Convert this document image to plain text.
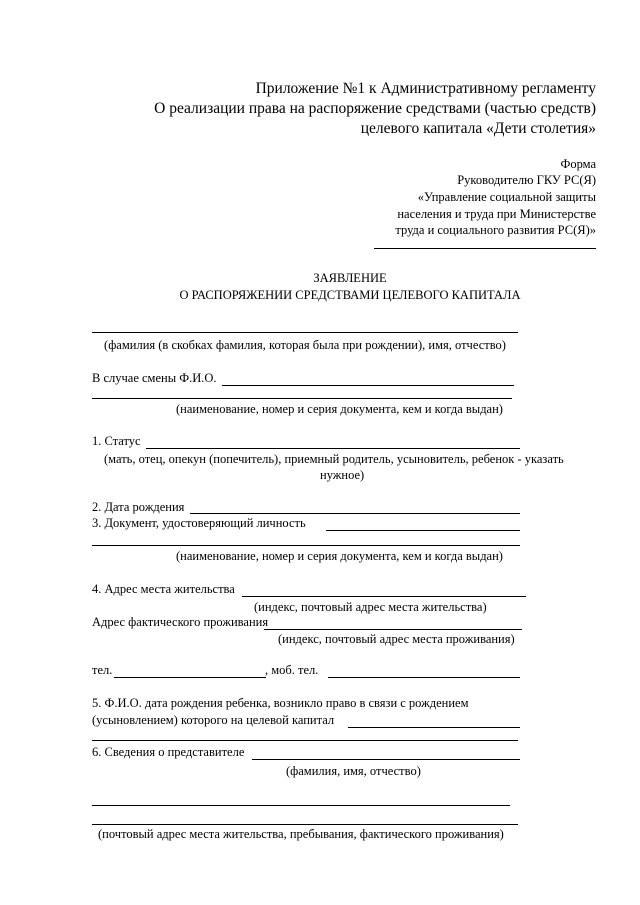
Приложение №1 к Административному регламенту
О реализации права на распоряжение средствами (частью средств)
целевого капитала «Дети столетия»
Форма
Руководителю ГКУ РС(Я)
«Управление социальной защиты
населения и труда при Министерстве
труда и социального развития РС(Я)»
ЗАЯВЛЕНИЕ
О РАСПОРЯЖЕНИИ СРЕДСТВАМИ ЦЕЛЕВОГО КАПИТАЛА
(фамилия (в скобках фамилия, которая была при рождении), имя, отчество)
В случае смены Ф.И.О.
(наименование, номер и серия документа, кем и когда выдан)
1. Статус
(мать, отец, опекун (попечитель), приемный родитель, усыновитель, ребенок - указать
нужное)
2. Дата рождения
3. Документ, удостоверяющий личность
(наименование, номер и серия документа, кем и когда выдан)
4. Адрес места жительства
(индекс, почтовый адрес места жительства)
Адрес фактического проживания
(индекс, почтовый адрес места проживания)
тел.	, моб. тел.
5. Ф.И.О. дата рождения ребенка, возникло право в связи с рождением
(усыновлением) которого на целевой капитал
6. Сведения о представителе
(фамилия, имя, отчество)
(почтовый адрес места жительства, пребывания, фактического проживания)
